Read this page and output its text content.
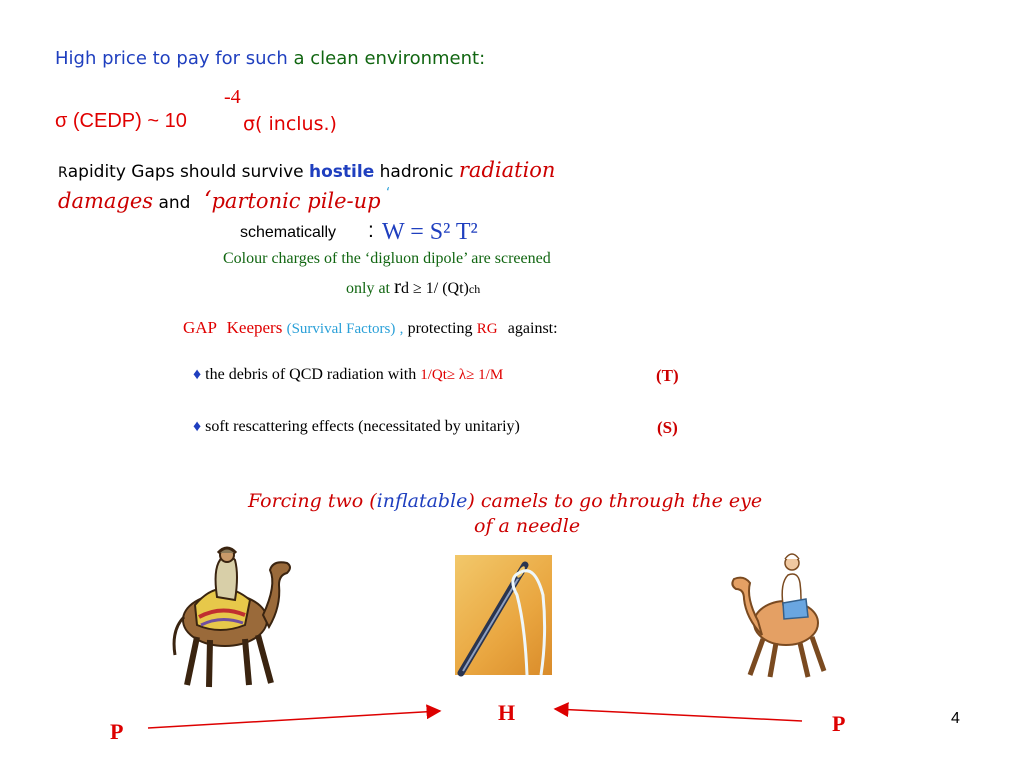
High price to pay for such a clean environment:
σ (CEDP) ~ 10
-4
σ( inclus.)
Rapidity Gaps should survive hostile hadronic radiation
damages and ‘partonic pile-up ‘
schematically : W = S² T²
Colour charges of the ‘digluon dipole’ are screened
only at rd ≥ 1/ (Qt)ch
GAP Keepers (Survival Factors) , protecting RG against:
♦ the debris of QCD radiation with 1/Qt≥ λ≥ 1/M	(T)
♦ soft rescattering effects (necessitated by unitariy)	(S)
Forcing two (inflatable) camels to go through the eye
of a needle
P
H	P	4
